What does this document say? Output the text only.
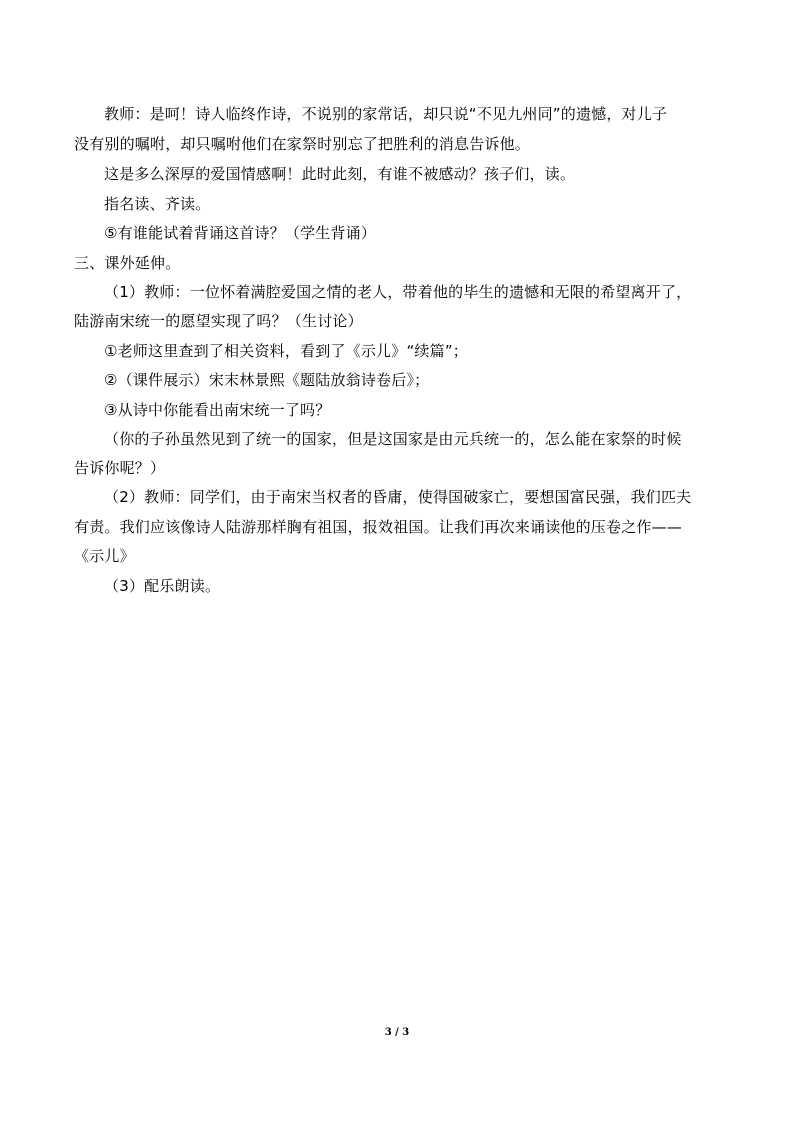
教师：是呵！诗人临终作诗，不说别的家常话，却只说“不见九州同”的遗憾，对儿子
没有别的嘱咐，却只嘱咐他们在家祭时别忘了把胜利的消息告诉他。
这是多么深厚的爱国情感啊！此时此刻，有谁不被感动？孩子们，读。
指名读、齐读。
⑤有谁能试着背诵这首诗？（学生背诵）
三、课外延伸。
（1）教师：一位怀着满腔爱国之情的老人，带着他的毕生的遗憾和无限的希望离开了，
陆游南宋统一的愿望实现了吗？（生讨论）
①老师这里查到了相关资料，看到了《示儿》“续篇”；
②（课件展示）宋末林景熙《题陆放翁诗卷后》；
③从诗中你能看出南宋统一了吗？
（你的子孙虽然见到了统一的国家，但是这国家是由元兵统一的，怎么能在家祭的时候
告诉你呢？）
（2）教师：同学们，由于南宋当权者的昏庸，使得国破家亡，要想国富民强，我们匹夫
有责。我们应该像诗人陆游那样胸有祖国，报效祖国。让我们再次来诵读他的压卷之作——
《示儿》
（3）配乐朗读。
3 / 3
